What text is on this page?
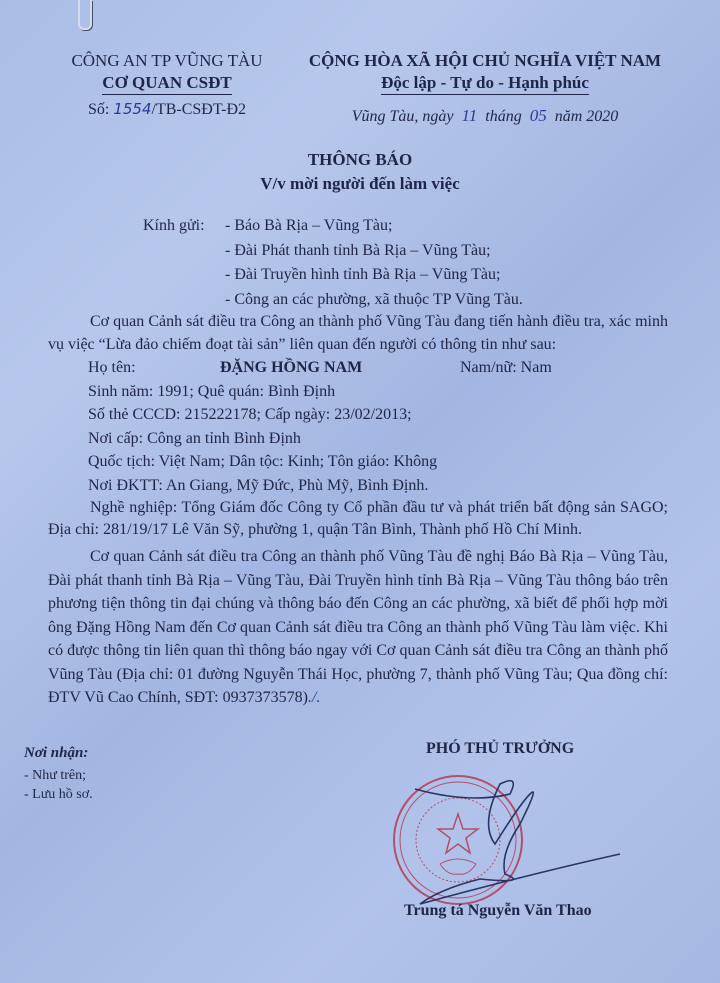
CÔNG AN TP VŨNG TÀU
CƠ QUAN CSĐT
Số: 1554/TB-CSĐT-Đ2
CỘNG HÒA XÃ HỘI CHỦ NGHĨA VIỆT NAM
Độc lập - Tự do - Hạnh phúc
Vũng Tàu, ngày 11 tháng 05 năm 2020
THÔNG BÁO
V/v mời người đến làm việc
Kính gửi: - Báo Bà Rịa – Vũng Tàu;
- Đài Phát thanh tỉnh Bà Rịa – Vũng Tàu;
- Đài Truyền hình tỉnh Bà Rịa – Vũng Tàu;
- Công an các phường, xã thuộc TP Vũng Tàu.
Cơ quan Cảnh sát điều tra Công an thành phố Vũng Tàu đang tiến hành điều tra, xác minh vụ việc “Lừa đảo chiếm đoạt tài sản” liên quan đến người có thông tin như sau:
Họ tên:	ĐẶNG HỒNG NAM	Nam/nữ: Nam
Sinh năm: 1991; Quê quán: Bình Định
Số thẻ CCCD: 215222178; Cấp ngày: 23/02/2013;
Nơi cấp: Công an tỉnh Bình Định
Quốc tịch: Việt Nam; Dân tộc: Kinh; Tôn giáo: Không
Nơi ĐKTT: An Giang, Mỹ Đức, Phù Mỹ, Bình Định.
Nghề nghiệp: Tổng Giám đốc Công ty Cổ phần đầu tư và phát triển bất động sản SAGO; Địa chỉ: 281/19/17 Lê Văn Sỹ, phường 1, quận Tân Bình, Thành phố Hồ Chí Minh.
Cơ quan Cảnh sát điều tra Công an thành phố Vũng Tàu đề nghị Báo Bà Rịa – Vũng Tàu, Đài phát thanh tỉnh Bà Rịa – Vũng Tàu, Đài Truyền hình tỉnh Bà Rịa – Vũng Tàu thông báo trên phương tiện thông tin đại chúng và thông báo đến Công an các phường, xã biết để phối hợp mời ông Đặng Hồng Nam đến Cơ quan Cảnh sát điều tra Công an thành phố Vũng Tàu làm việc. Khi có được thông tin liên quan thì thông báo ngay với Cơ quan Cảnh sát điều tra Công an thành phố Vũng Tàu (Địa chỉ: 01 đường Nguyễn Thái Học, phường 7, thành phố Vũng Tàu; Qua đồng chí: ĐTV Vũ Cao Chính, SĐT: 0937373578)./.
Nơi nhận:
- Như trên;
- Lưu hồ sơ.
PHÓ THỦ TRƯỞNG
Trung tá Nguyễn Văn Thao
